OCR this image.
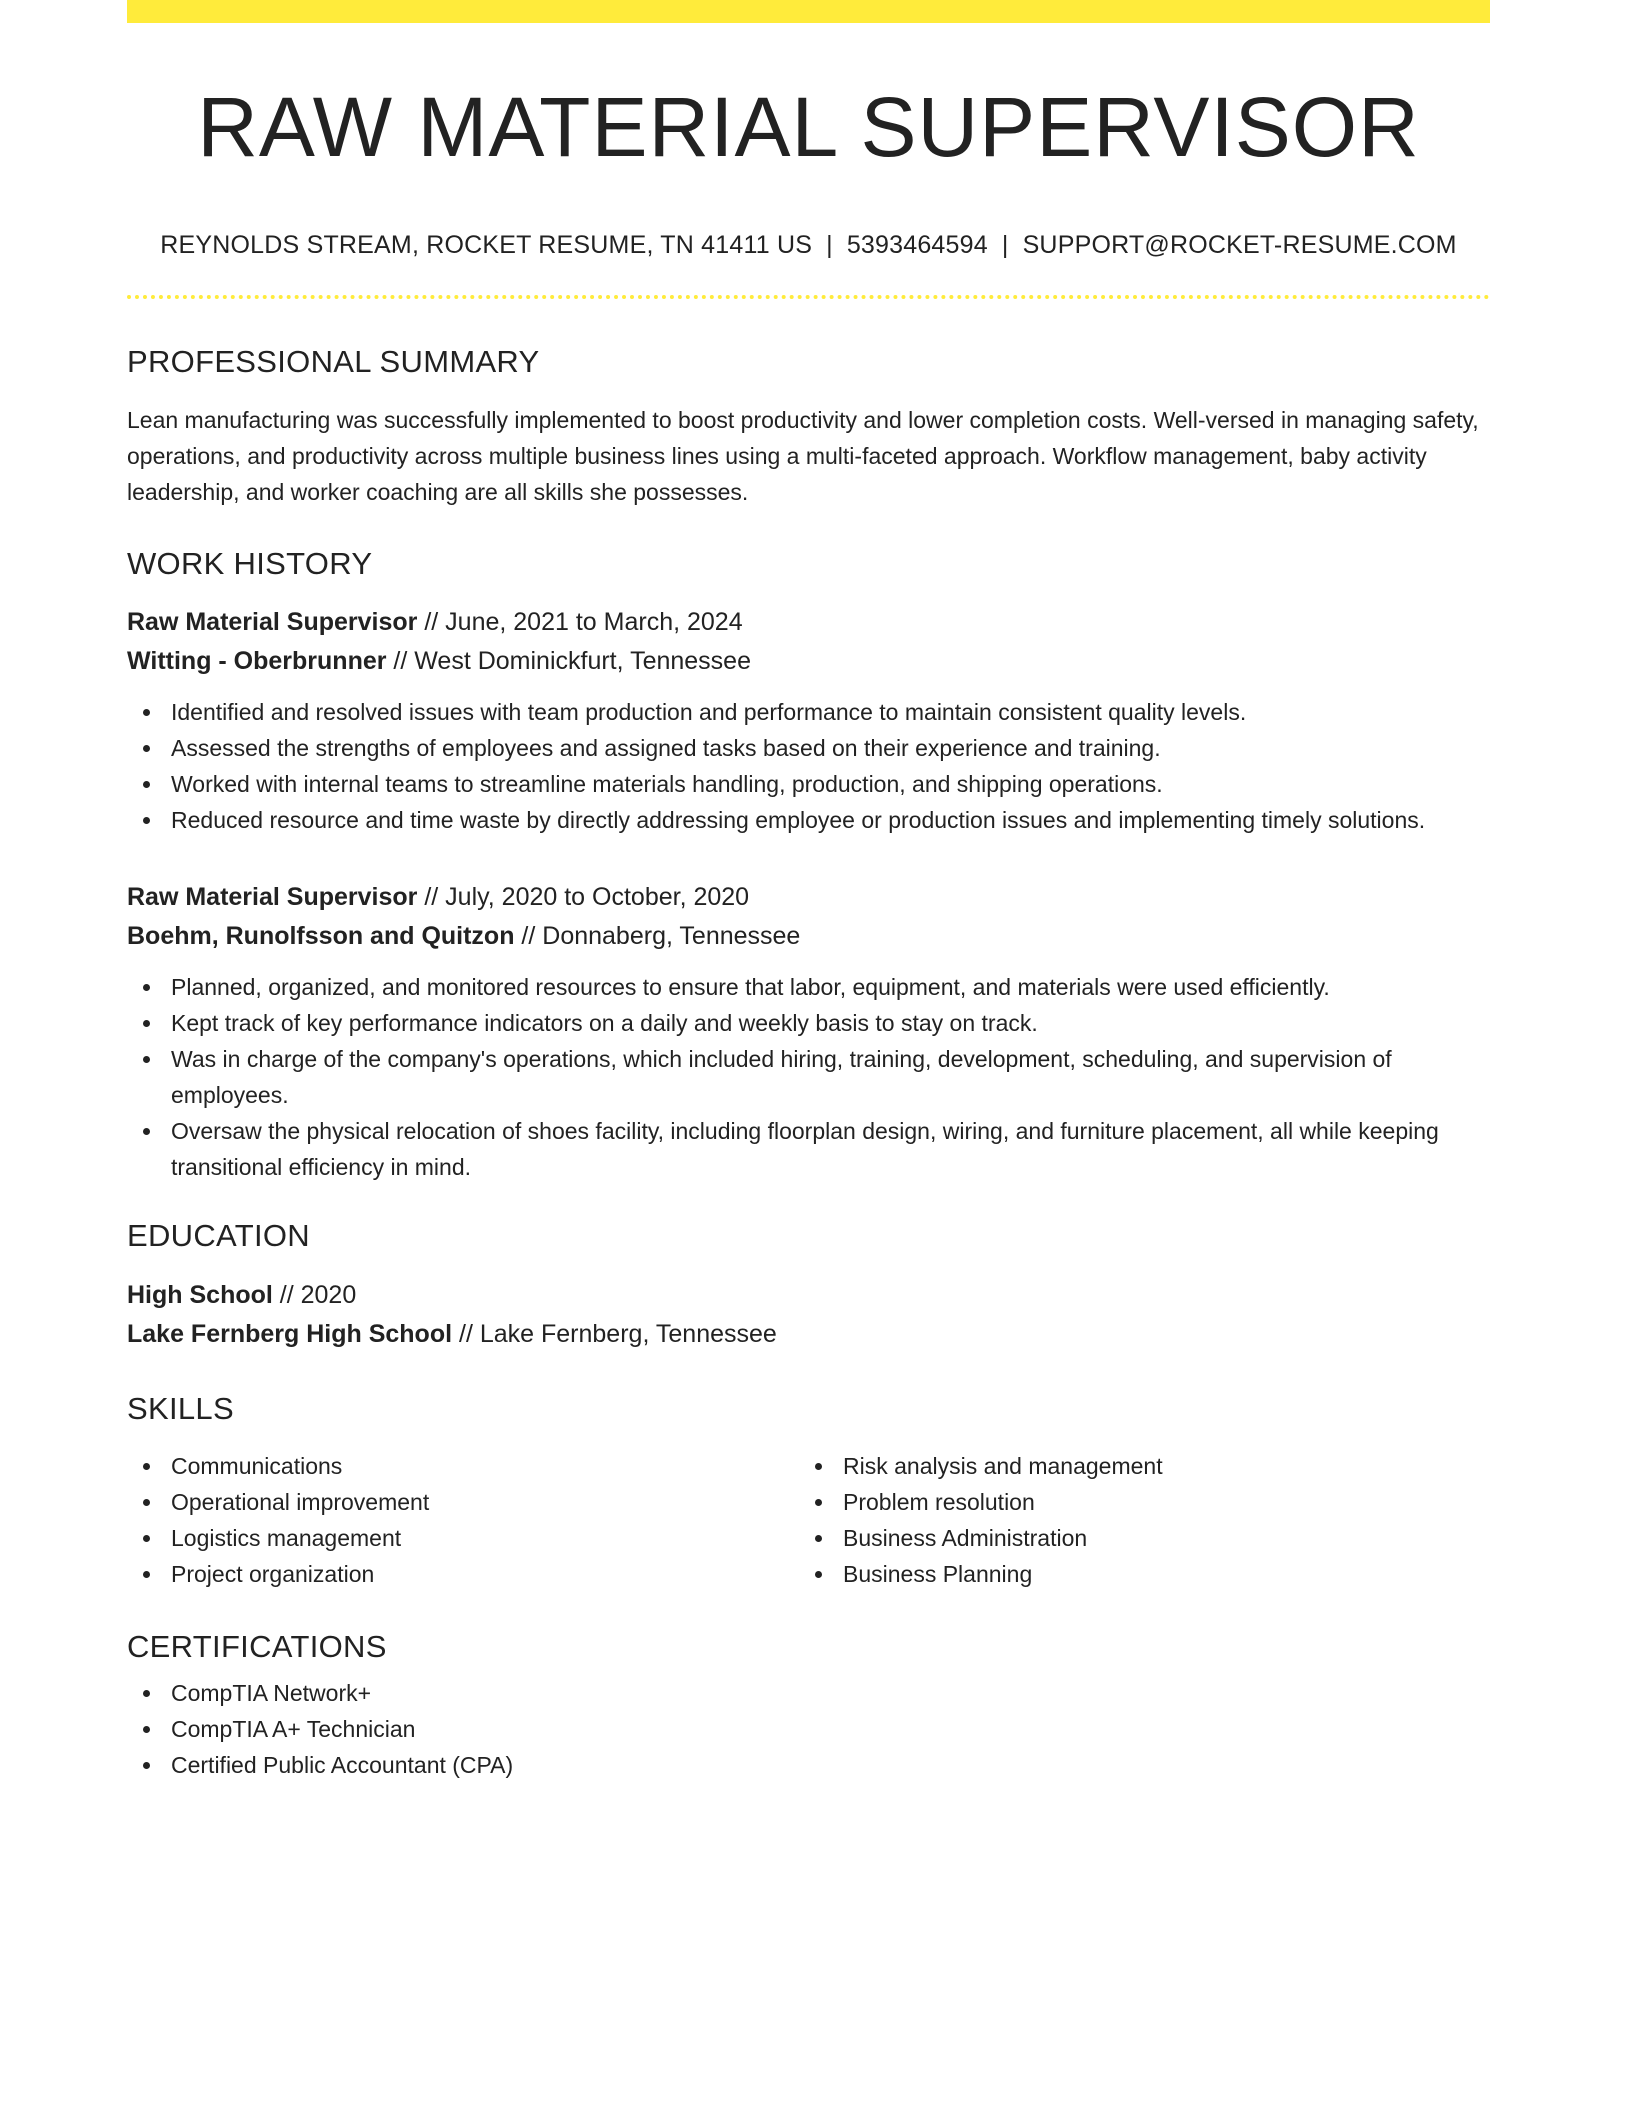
RAW MATERIAL SUPERVISOR
REYNOLDS STREAM, ROCKET RESUME, TN 41411 US | 5393464594 | SUPPORT@ROCKET-RESUME.COM
PROFESSIONAL SUMMARY

Lean manufacturing was successfully implemented to boost productivity and lower completion costs. Well-versed in managing safety, operations, and productivity across multiple business lines using a multi-faceted approach. Workflow management, baby activity leadership, and worker coaching are all skills she possesses.

WORK HISTORY
Raw Material Supervisor // June, 2021 to March, 2024
Witting - Oberbrunner // West Dominickfurt, Tennessee
Identified and resolved issues with team production and performance to maintain consistent quality levels.
Assessed the strengths of employees and assigned tasks based on their experience and training.
Worked with internal teams to streamline materials handling, production, and shipping operations.
Reduced resource and time waste by directly addressing employee or production issues and implementing timely solutions.
Raw Material Supervisor // July, 2020 to October, 2020
Boehm, Runolfsson and Quitzon // Donnaberg, Tennessee
Planned, organized, and monitored resources to ensure that labor, equipment, and materials were used efficiently.
Kept track of key performance indicators on a daily and weekly basis to stay on track.
Was in charge of the company's operations, which included hiring, training, development, scheduling, and supervision of employees.
Oversaw the physical relocation of shoes facility, including floorplan design, wiring, and furniture placement, all while keeping transitional efficiency in mind.
EDUCATION
High School // 2020
Lake Fernberg High School // Lake Fernberg, Tennessee
SKILLS
Communications
Operational improvement
Logistics management
Project organization
Risk analysis and management
Problem resolution
Business Administration
Business Planning
CERTIFICATIONS
CompTIA Network+
CompTIA A+ Technician
Certified Public Accountant (CPA)
